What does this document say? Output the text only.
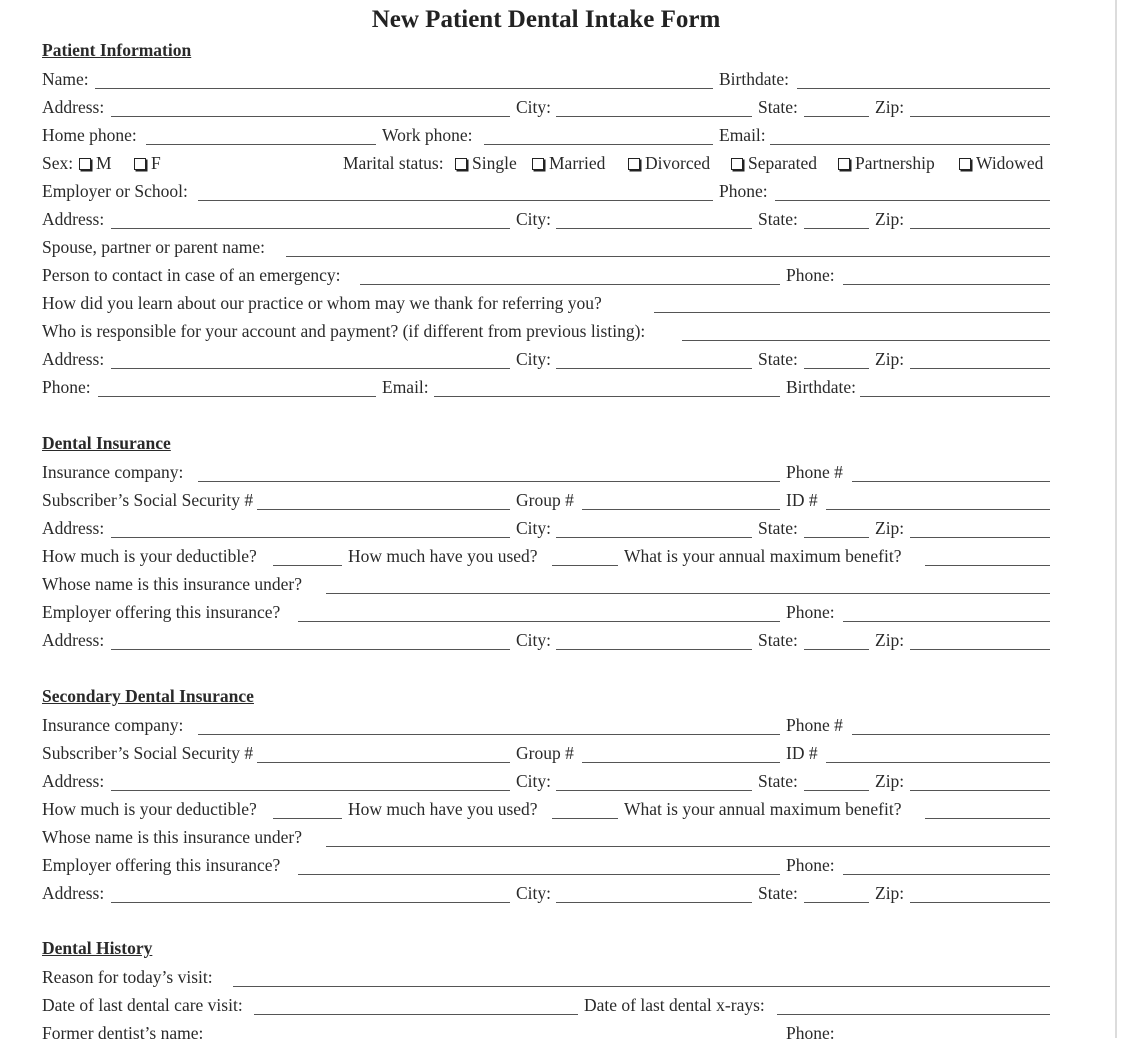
New Patient Dental Intake Form
Patient Information
Name:	Birthdate:
Address:	City:	State:	Zip:
Home phone:	Work phone:	Email:
Sex:	M	F	Marital status:	Single	Married	Divorced	Separated	Partnership	Widowed
Employer or School:	Phone:
Address:	City:	State:	Zip:
Spouse, partner or parent name:
Person to contact in case of an emergency:	Phone:
How did you learn about our practice or whom may we thank for referring you?
Who is responsible for your account and payment? (if different from previous listing):
Address:	City:	State:	Zip:
Phone:	Email:	Birthdate:
Dental Insurance
Insurance company:	Phone #
Subscriber’s Social Security #	Group #	ID #
Address:	City:	State:	Zip:
How much is your deductible?	How much have you used?	What is your annual maximum benefit?
Whose name is this insurance under?
Employer offering this insurance?	Phone:
Address:	City:	State:	Zip:
Secondary Dental Insurance
Insurance company:	Phone #
Subscriber’s Social Security #	Group #	ID #
Address:	City:	State:	Zip:
How much is your deductible?	How much have you used?	What is your annual maximum benefit?
Whose name is this insurance under?
Employer offering this insurance?	Phone:
Address:	City:	State:	Zip:
Dental History
Reason for today’s visit:
Date of last dental care visit:	Date of last dental x-rays:
Former dentist’s name:	Phone:
